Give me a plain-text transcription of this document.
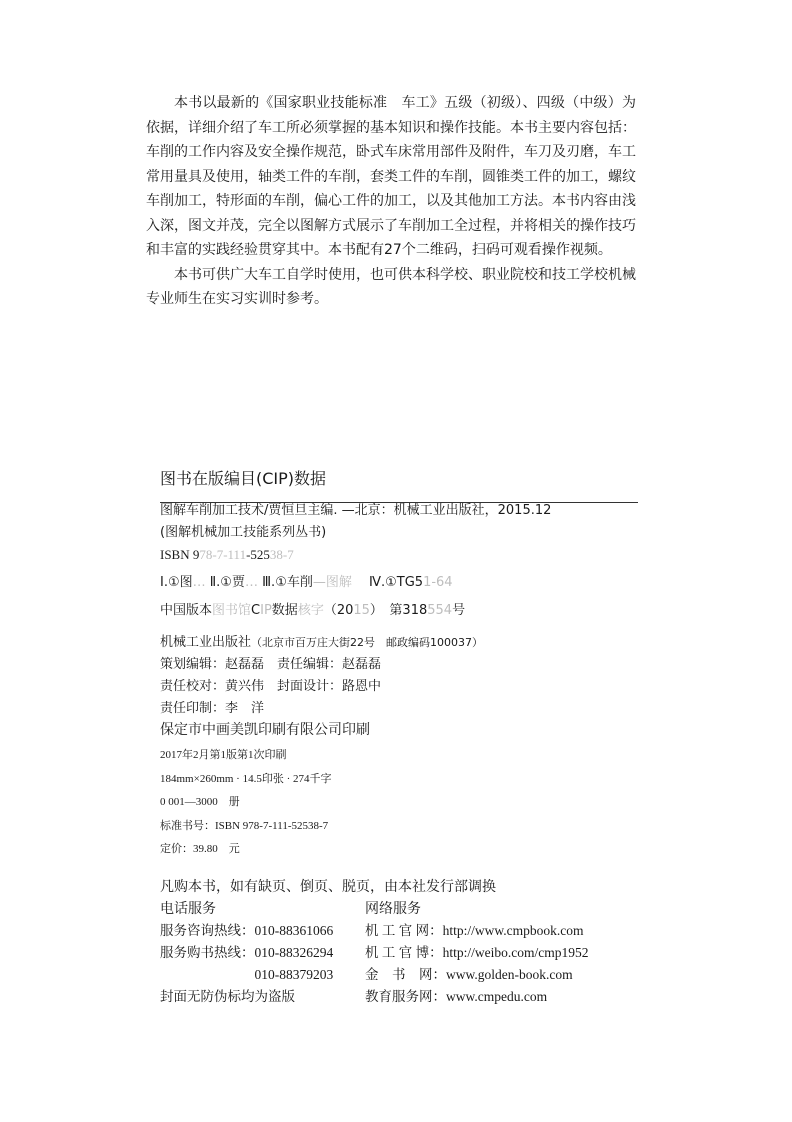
本书以最新的《国家职业技能标准　车工》五级（初级）、四级（中级）为依据，详细介绍了车工所必须掌握的基本知识和操作技能。本书主要内容包括：车削的工作内容及安全操作规范，卧式车床常用部件及附件，车刀及刃磨，车工常用量具及使用，轴类工件的车削，套类工件的车削，圆锥类工件的加工，螺纹车削加工，特形面的车削，偏心工件的加工，以及其他加工方法。本书内容由浅入深，图文并茂，完全以图解方式展示了车削加工全过程，并将相关的操作技巧和丰富的实践经验贯穿其中。本书配有27个二维码，扫码可观看操作视频。

本书可供广大车工自学时使用，也可供本科学校、职业院校和技工学校机械专业师生在实习实训时参考。

图书在版编目(CIP)数据
图解车削加工技术/贾恒旦主编. —北京：机械工业出版社，2015.12
(图解机械加工技能系列丛书)
ISBN 978-7-111-52538-7
Ⅰ.①图… Ⅱ.①贾… Ⅲ.①车削—图解　 Ⅳ.①TG51-64
中国版本图书馆CIP数据核字（2015）　第318554号
机械工业出版社（北京市百万庄大街22号　邮政编码100037）
策划编辑：赵磊磊　责任编辑：赵磊磊
责任校对：黄兴伟　封面设计：路恩中
责任印制：李　洋
保定市中画美凯印刷有限公司印刷
2017年2月第1版第1次印刷
184mm×260mm · 14.5印张 · 274千字
0 001—3000　册
标准书号：ISBN 978-7-111-52538-7
定价：39.80　元
凡购本书，如有缺页、倒页、脱页，由本社发行部调换
电话服务	网络服务
服务咨询热线：010-88361066	机 工 官 网：http://www.cmpbook.com
服务购书热线：010-88326294	机 工 官 博：http://weibo.com/cmp1952
　　　　　　　010-88379203	金　书　网：www.golden-book.com
封面无防伪标均为盗版	教育服务网：www.cmpedu.com
